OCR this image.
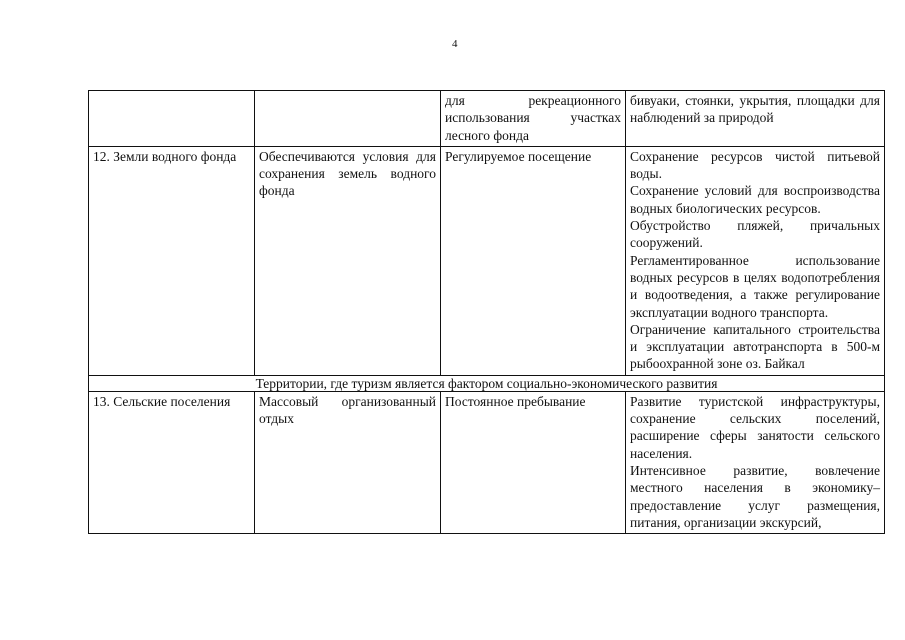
4
		для рекреационного использования участках лесного фонда	бивуаки, стоянки, укрытия, площадки для наблюдений за природой
12. Земли водного фонда	Обеспечиваются условия для сохранения земель водного фонда	Регулируемое посещение	Сохранение ресурсов чистой питьевой воды.
Сохранение условий для воспроизводства водных биологических ресурсов.
Обустройство пляжей, причальных сооружений.
Регламентированное использование водных ресурсов в целях водопотребления и водоотведения, а также регулирование эксплуатации водного транспорта.
Ограничение капитального строительства и эксплуатации автотранспорта в 500-м рыбоохранной зоне оз. Байкал

Территории, где туризм является фактором социально-экономического развития			
13. Сельские поселения	Массовый организованный отдых	Постоянное пребывание	Развитие туристской инфраструктуры, сохранение сельских поселений, расширение сферы занятости сельского населения.
Интенсивное развитие, вовлечение местного населения в экономику– предоставление услуг размещения, питания, организации экскурсий,
